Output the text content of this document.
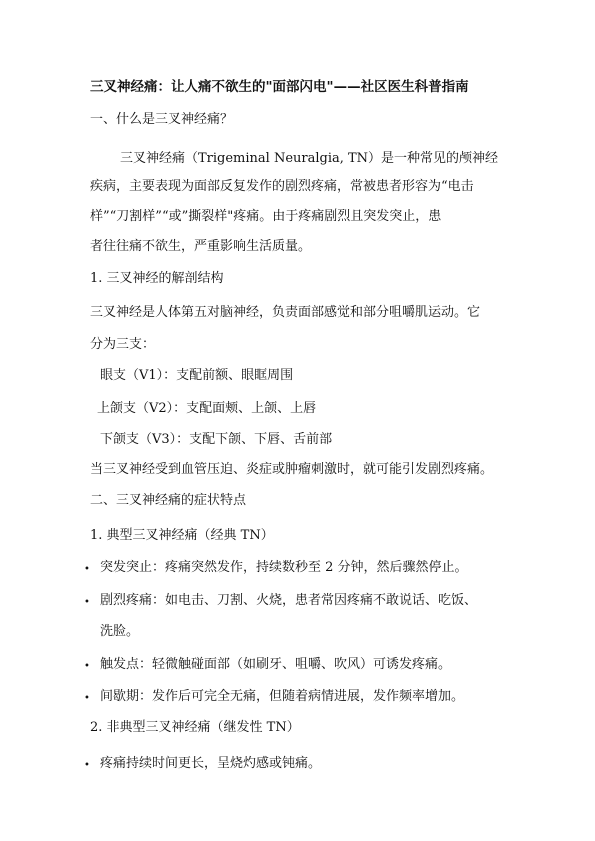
三叉神经痛：让人痛不欲生的"面部闪电"——社区医生科普指南
一、什么是三叉神经痛？
三叉神经痛（Trigeminal Neuralgia, TN）是一种常见的颅神经
疾病，主要表现为面部反复发作的剧烈疼痛，常被患者形容为“电击
样”“刀割样”“或”撕裂样"疼痛。由于疼痛剧烈且突发突止，患
者往往痛不欲生，严重影响生活质量。
1. 三叉神经的解剖结构
三叉神经是人体第五对脑神经，负责面部感觉和部分咀嚼肌运动。它
分为三支：
眼支（V1）：支配前额、眼眶周围
上颌支（V2）：支配面颊、上颌、上唇
下颌支（V3）：支配下颌、下唇、舌前部
当三叉神经受到血管压迫、炎症或肿瘤刺激时，就可能引发剧烈疼痛。
二、三叉神经痛的症状特点
1. 典型三叉神经痛（经典 TN）
• 突发突止：疼痛突然发作，持续数秒至 2 分钟，然后骤然停止。
• 剧烈疼痛：如电击、刀割、火烧，患者常因疼痛不敢说话、吃饭、
洗脸。
• 触发点：轻微触碰面部（如刷牙、咀嚼、吹风）可诱发疼痛。
• 间歇期：发作后可完全无痛，但随着病情进展，发作频率增加。
2. 非典型三叉神经痛（继发性 TN）
• 疼痛持续时间更长，呈烧灼感或钝痛。
